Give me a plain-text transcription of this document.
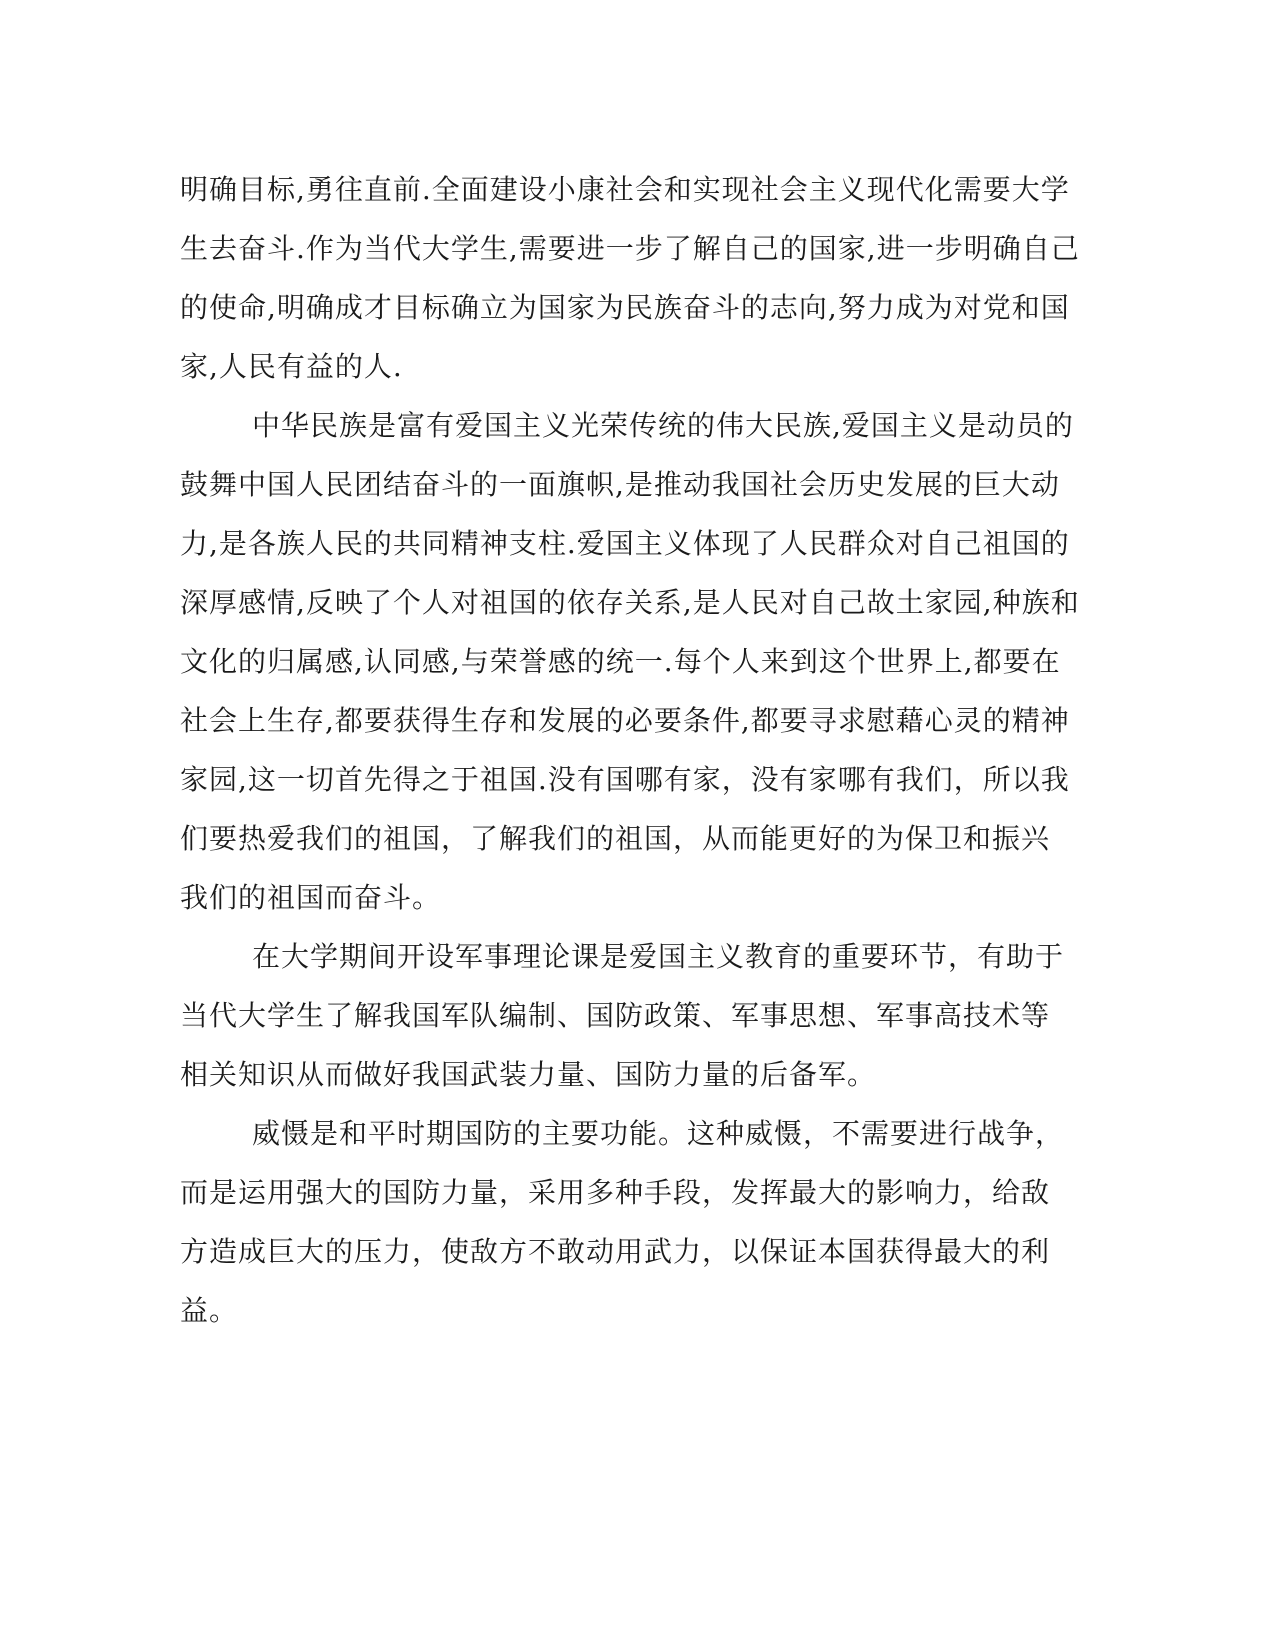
明确目标,勇往直前.全面建设小康社会和实现社会主义现代化需要大学
生去奋斗.作为当代大学生,需要进一步了解自己的国家,进一步明确自己
的使命,明确成才目标确立为国家为民族奋斗的志向,努力成为对党和国
家,人民有益的人.
中华民族是富有爱国主义光荣传统的伟大民族,爱国主义是动员的
鼓舞中国人民团结奋斗的一面旗帜,是推动我国社会历史发展的巨大动
力,是各族人民的共同精神支柱.爱国主义体现了人民群众对自己祖国的
深厚感情,反映了个人对祖国的依存关系,是人民对自己故土家园,种族和
文化的归属感,认同感,与荣誉感的统一.每个人来到这个世界上,都要在
社会上生存,都要获得生存和发展的必要条件,都要寻求慰藉心灵的精神
家园,这一切首先得之于祖国.没有国哪有家，没有家哪有我们，所以我
们要热爱我们的祖国，了解我们的祖国，从而能更好的为保卫和振兴
我们的祖国而奋斗。
在大学期间开设军事理论课是爱国主义教育的重要环节，有助于
当代大学生了解我国军队编制、国防政策、军事思想、军事高技术等
相关知识从而做好我国武装力量、国防力量的后备军。
威慑是和平时期国防的主要功能。这种威慑，不需要进行战争，
而是运用强大的国防力量，采用多种手段，发挥最大的影响力，给敌
方造成巨大的压力，使敌方不敢动用武力，以保证本国获得最大的利
益。
